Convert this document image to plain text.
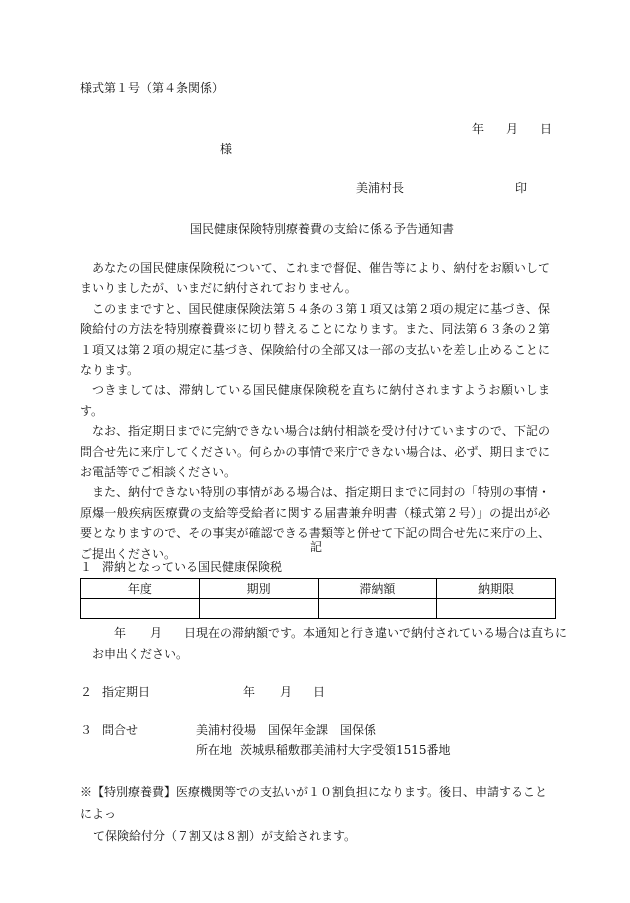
様式第１号（第４条関係）
年 月 日
様
美浦村長	印
国民健康保険特別療養費の支給に係る予告通知書

あなたの国民健康保険税について、これまで督促、催告等により、納付をお願いしてまいりましたが、いまだに納付されておりません。

このままですと、国民健康保険法第５４条の３第１項又は第２項の規定に基づき、保険給付の方法を特別療養費※に切り替えることになります。また、同法第６３条の２第１項又は第２項の規定に基づき、保険給付の全部又は一部の支払いを差し止めることになります。

つきましては、滞納している国民健康保険税を直ちに納付されますようお願いします。

なお、指定期日までに完納できない場合は納付相談を受け付けていますので、下記の問合せ先に来庁してください。何らかの事情で来庁できない場合は、必ず、期日までにお電話等でご相談ください。

また、納付できない特別の事情がある場合は、指定期日までに同封の「特別の事情・原爆一般疾病医療費の支給等受給者に関する届書兼弁明書（様式第２号）」の提出が必要となりますので、その事実が確認できる書類等と併せて下記の問合せ先に来庁の上、ご提出ください。	記
１ 滞納となっている国民健康保険税
年度	期別	滞納額	納期限

年 月 日現在の滞納額です。本通知と行き違いで納付されている場合は直ちに
お申出ください。
２ 指定期日	年 月 日
３ 問合せ	美浦村役場　国保年金課　国保係
所在地 茨城県稲敷郡美浦村大字受領1515番地

※【特別療養費】医療機関等での支払いが１０割負担になります。後日、申請することによっ

て保険給付分（７割又は８割）が支給されます。
